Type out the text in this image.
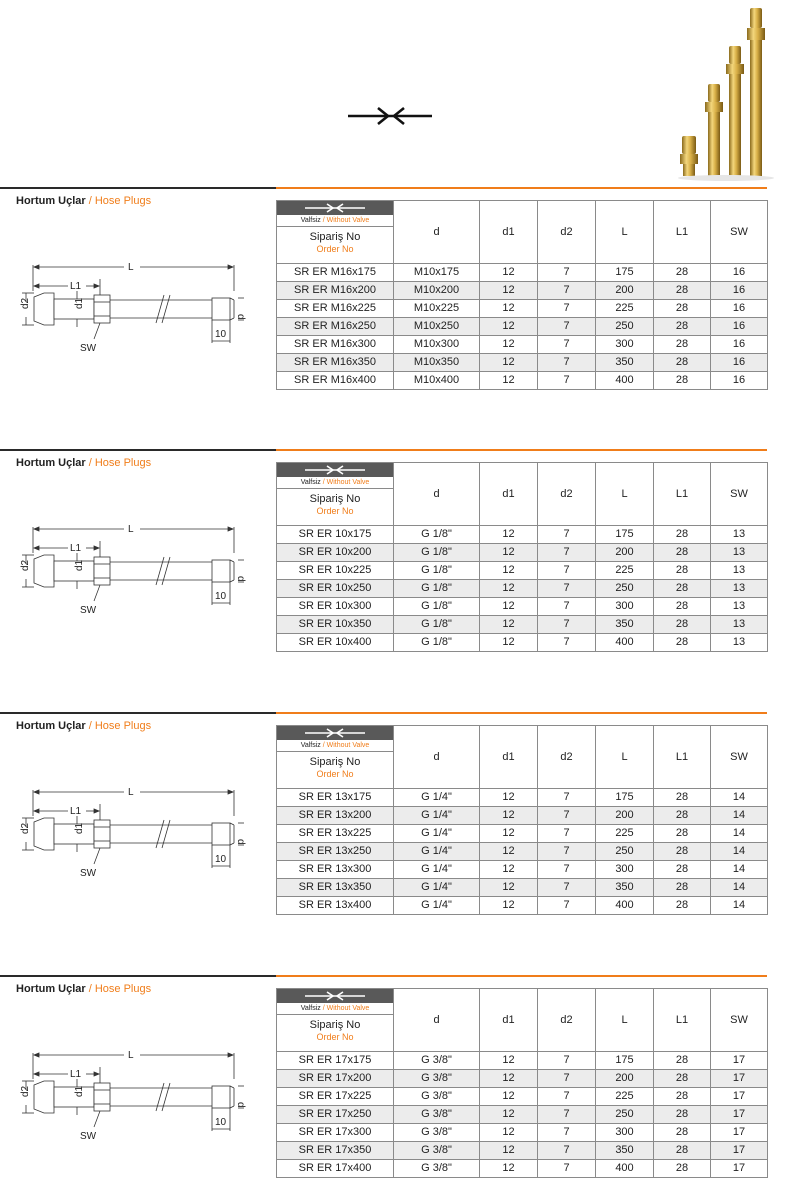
Hortum Uçlar / Hose Plugs
L
L1
d
d1
d2
SW
10
Valfsiz / Without Valve
Sipariş No
Order No	d	d1	d2	L	L1	SW
SR ER M16x175	M10x175	12	7	175	28	16
SR ER M16x200	M10x200	12	7	200	28	16
SR ER M16x225	M10x225	12	7	225	28	16
SR ER M16x250	M10x250	12	7	250	28	16
SR ER M16x300	M10x300	12	7	300	28	16
SR ER M16x350	M10x350	12	7	350	28	16
SR ER M16x400	M10x400	12	7	400	28	16
Hortum Uçlar / Hose Plugs
L
L1
d
d1
d2
SW
10
Valfsiz / Without Valve
Sipariş No
Order No	d	d1	d2	L	L1	SW
SR ER 10x175	G 1/8"	12	7	175	28	13
SR ER 10x200	G 1/8"	12	7	200	28	13
SR ER 10x225	G 1/8"	12	7	225	28	13
SR ER 10x250	G 1/8"	12	7	250	28	13
SR ER 10x300	G 1/8"	12	7	300	28	13
SR ER 10x350	G 1/8"	12	7	350	28	13
SR ER 10x400	G 1/8"	12	7	400	28	13
Hortum Uçlar / Hose Plugs
L
L1
d
d1
d2
SW
10
Valfsiz / Without Valve
Sipariş No
Order No	d	d1	d2	L	L1	SW
SR ER 13x175	G 1/4"	12	7	175	28	14
SR ER 13x200	G 1/4"	12	7	200	28	14
SR ER 13x225	G 1/4"	12	7	225	28	14
SR ER 13x250	G 1/4"	12	7	250	28	14
SR ER 13x300	G 1/4"	12	7	300	28	14
SR ER 13x350	G 1/4"	12	7	350	28	14
SR ER 13x400	G 1/4"	12	7	400	28	14
Hortum Uçlar / Hose Plugs
L
L1
d
d1
d2
SW
10
Valfsiz / Without Valve
Sipariş No
Order No	d	d1	d2	L	L1	SW
SR ER 17x175	G 3/8"	12	7	175	28	17
SR ER 17x200	G 3/8"	12	7	200	28	17
SR ER 17x225	G 3/8"	12	7	225	28	17
SR ER 17x250	G 3/8"	12	7	250	28	17
SR ER 17x300	G 3/8"	12	7	300	28	17
SR ER 17x350	G 3/8"	12	7	350	28	17
SR ER 17x400	G 3/8"	12	7	400	28	17
